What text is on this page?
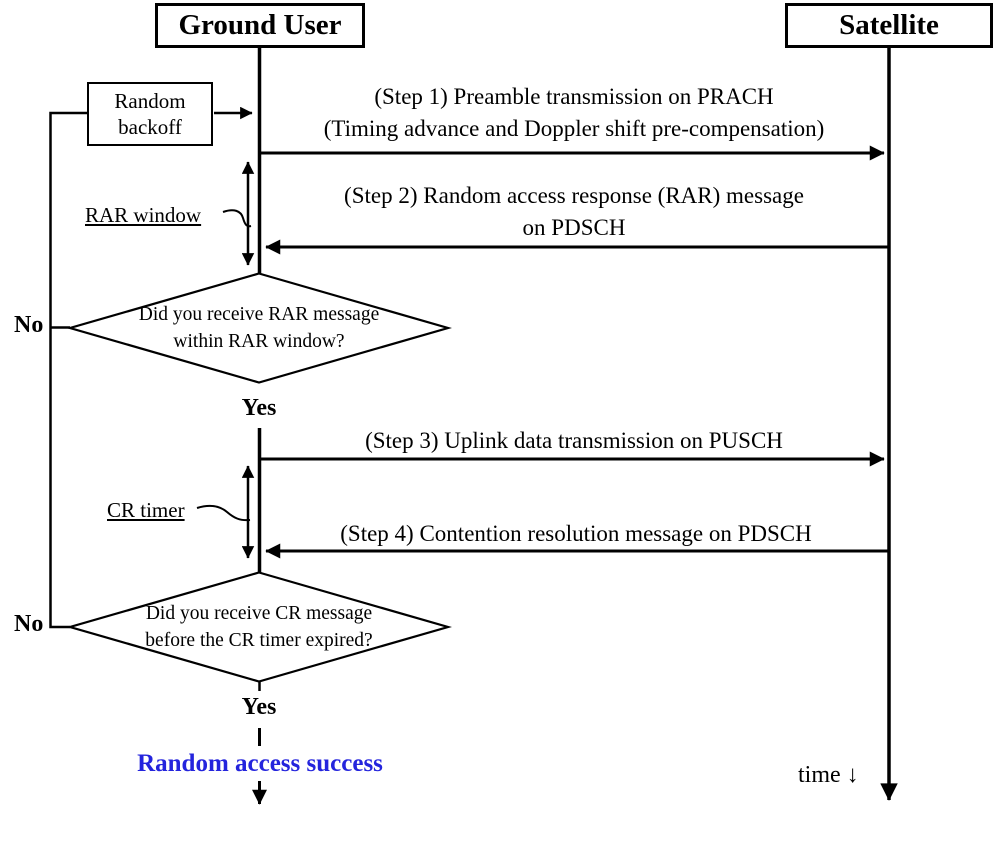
Ground User	Satellite
Random backoff
(Step 1) Preamble transmission on PRACH
(Timing advance and Doppler shift pre-compensation)
(Step 2) Random access response (RAR) message
on PDSCH
(Step 3) Uplink data transmission on PUSCH
(Step 4) Contention resolution message on PDSCH
RAR window
CR timer
Did you receive RAR message
within RAR window?
Did you receive CR message
before the CR timer expired?
No
No
Yes
Yes
Random access success	time ↓
